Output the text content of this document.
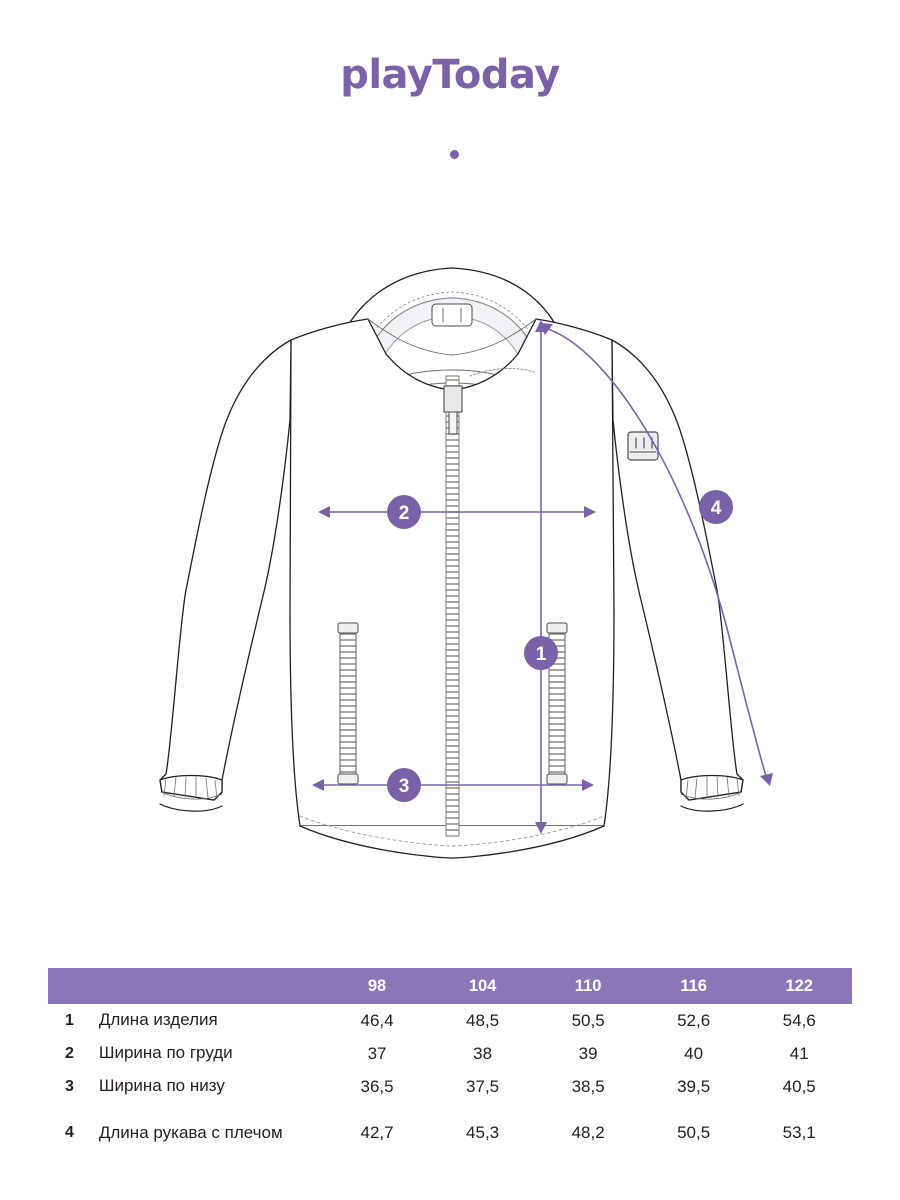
playToday
1
2
3
4
		98	104	110	116	122
1	Длина изделия	46,4	48,5	50,5	52,6	54,6
2	Ширина по груди	37	38	39	40	41
3	Ширина по низу	36,5	37,5	38,5	39,5	40,5
4	Длина рукава с плечом	42,7	45,3	48,2	50,5	53,1
